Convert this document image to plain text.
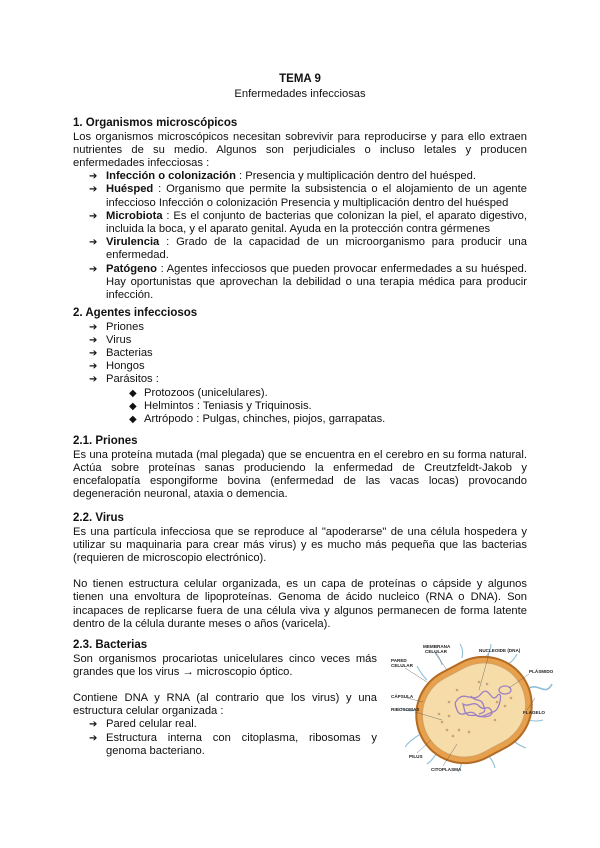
TEMA 9
Enfermedades infecciosas
1. Organismos microscópicos

Los organismos microscópicos necesitan sobrevivir para reproducirse y para ello extraen nutrientes de su medio. Algunos son perjudiciales o incluso letales y producen enfermedades infecciosas :

➔ Infección o colonización : Presencia y multiplicación dentro del huésped.
➔ Huésped : Organismo que permite la subsistencia o el alojamiento de un agente infeccioso Infección o colonización Presencia y multiplicación dentro del huésped
➔ Microbiota : Es el conjunto de bacterias que colonizan la piel, el aparato digestivo, incluida la boca, y el aparato genital. Ayuda en la protección contra gérmenes
➔ Virulencia : Grado de la capacidad de un microorganismo para producir una enfermedad.
➔ Patógeno : Agentes infecciosos que pueden provocar enfermedades a su huésped. Hay oportunistas que aprovechan la debilidad o una terapia médica para producir infección.
2. Agentes infecciosos
➔ Priones
➔ Virus
➔ Bacterias
➔ Hongos
➔ Parásitos :
◆ Protozoos (unicelulares).
◆ Helmintos : Teniasis y Triquinosis.
◆ Artrópodo : Pulgas, chinches, piojos, garrapatas.
2.1. Priones

Es una proteína mutada (mal plegada) que se encuentra en el cerebro en su forma natural. Actúa sobre proteínas sanas produciendo la enfermedad de Creutzfeldt-Jakob y encefalopatía espongiforme bovina (enfermedad de las vacas locas) provocando degeneración neuronal, ataxia o demencia.

2.2. Virus

Es una partícula infecciosa que se reproduce al "apoderarse" de una célula hospedera y utilizar su maquinaria para crear más virus) y es mucho más pequeña que las bacterias (requieren de microscopio electrónico).

No tienen estructura celular organizada, es un capa de proteínas o cápside y algunos tienen una envoltura de lipoproteínas. Genoma de ácido nucleico (RNA o DNA). Son incapaces de replicarse fuera de una célula viva y algunos permanecen de forma latente dentro de la célula durante meses o años (varicela).

2.3. Bacterias

Son organismos procariotas unicelulares cinco veces más grandes que los virus → microscopio óptico.

Contiene DNA y RNA (al contrario que los virus) y una estructura celular organizada :

➔ Pared celular real.
➔ Estructura interna con citoplasma, ribosomas y genoma bacteriano.
MEMBRANA
CELULAR
PARED
CELULAR
NUCLEOIDE (DNA)
CÁPSULA
RIBOSOMAS
PLÁSMIDO
FLAGELO
PILUS
CITOPLASMA
